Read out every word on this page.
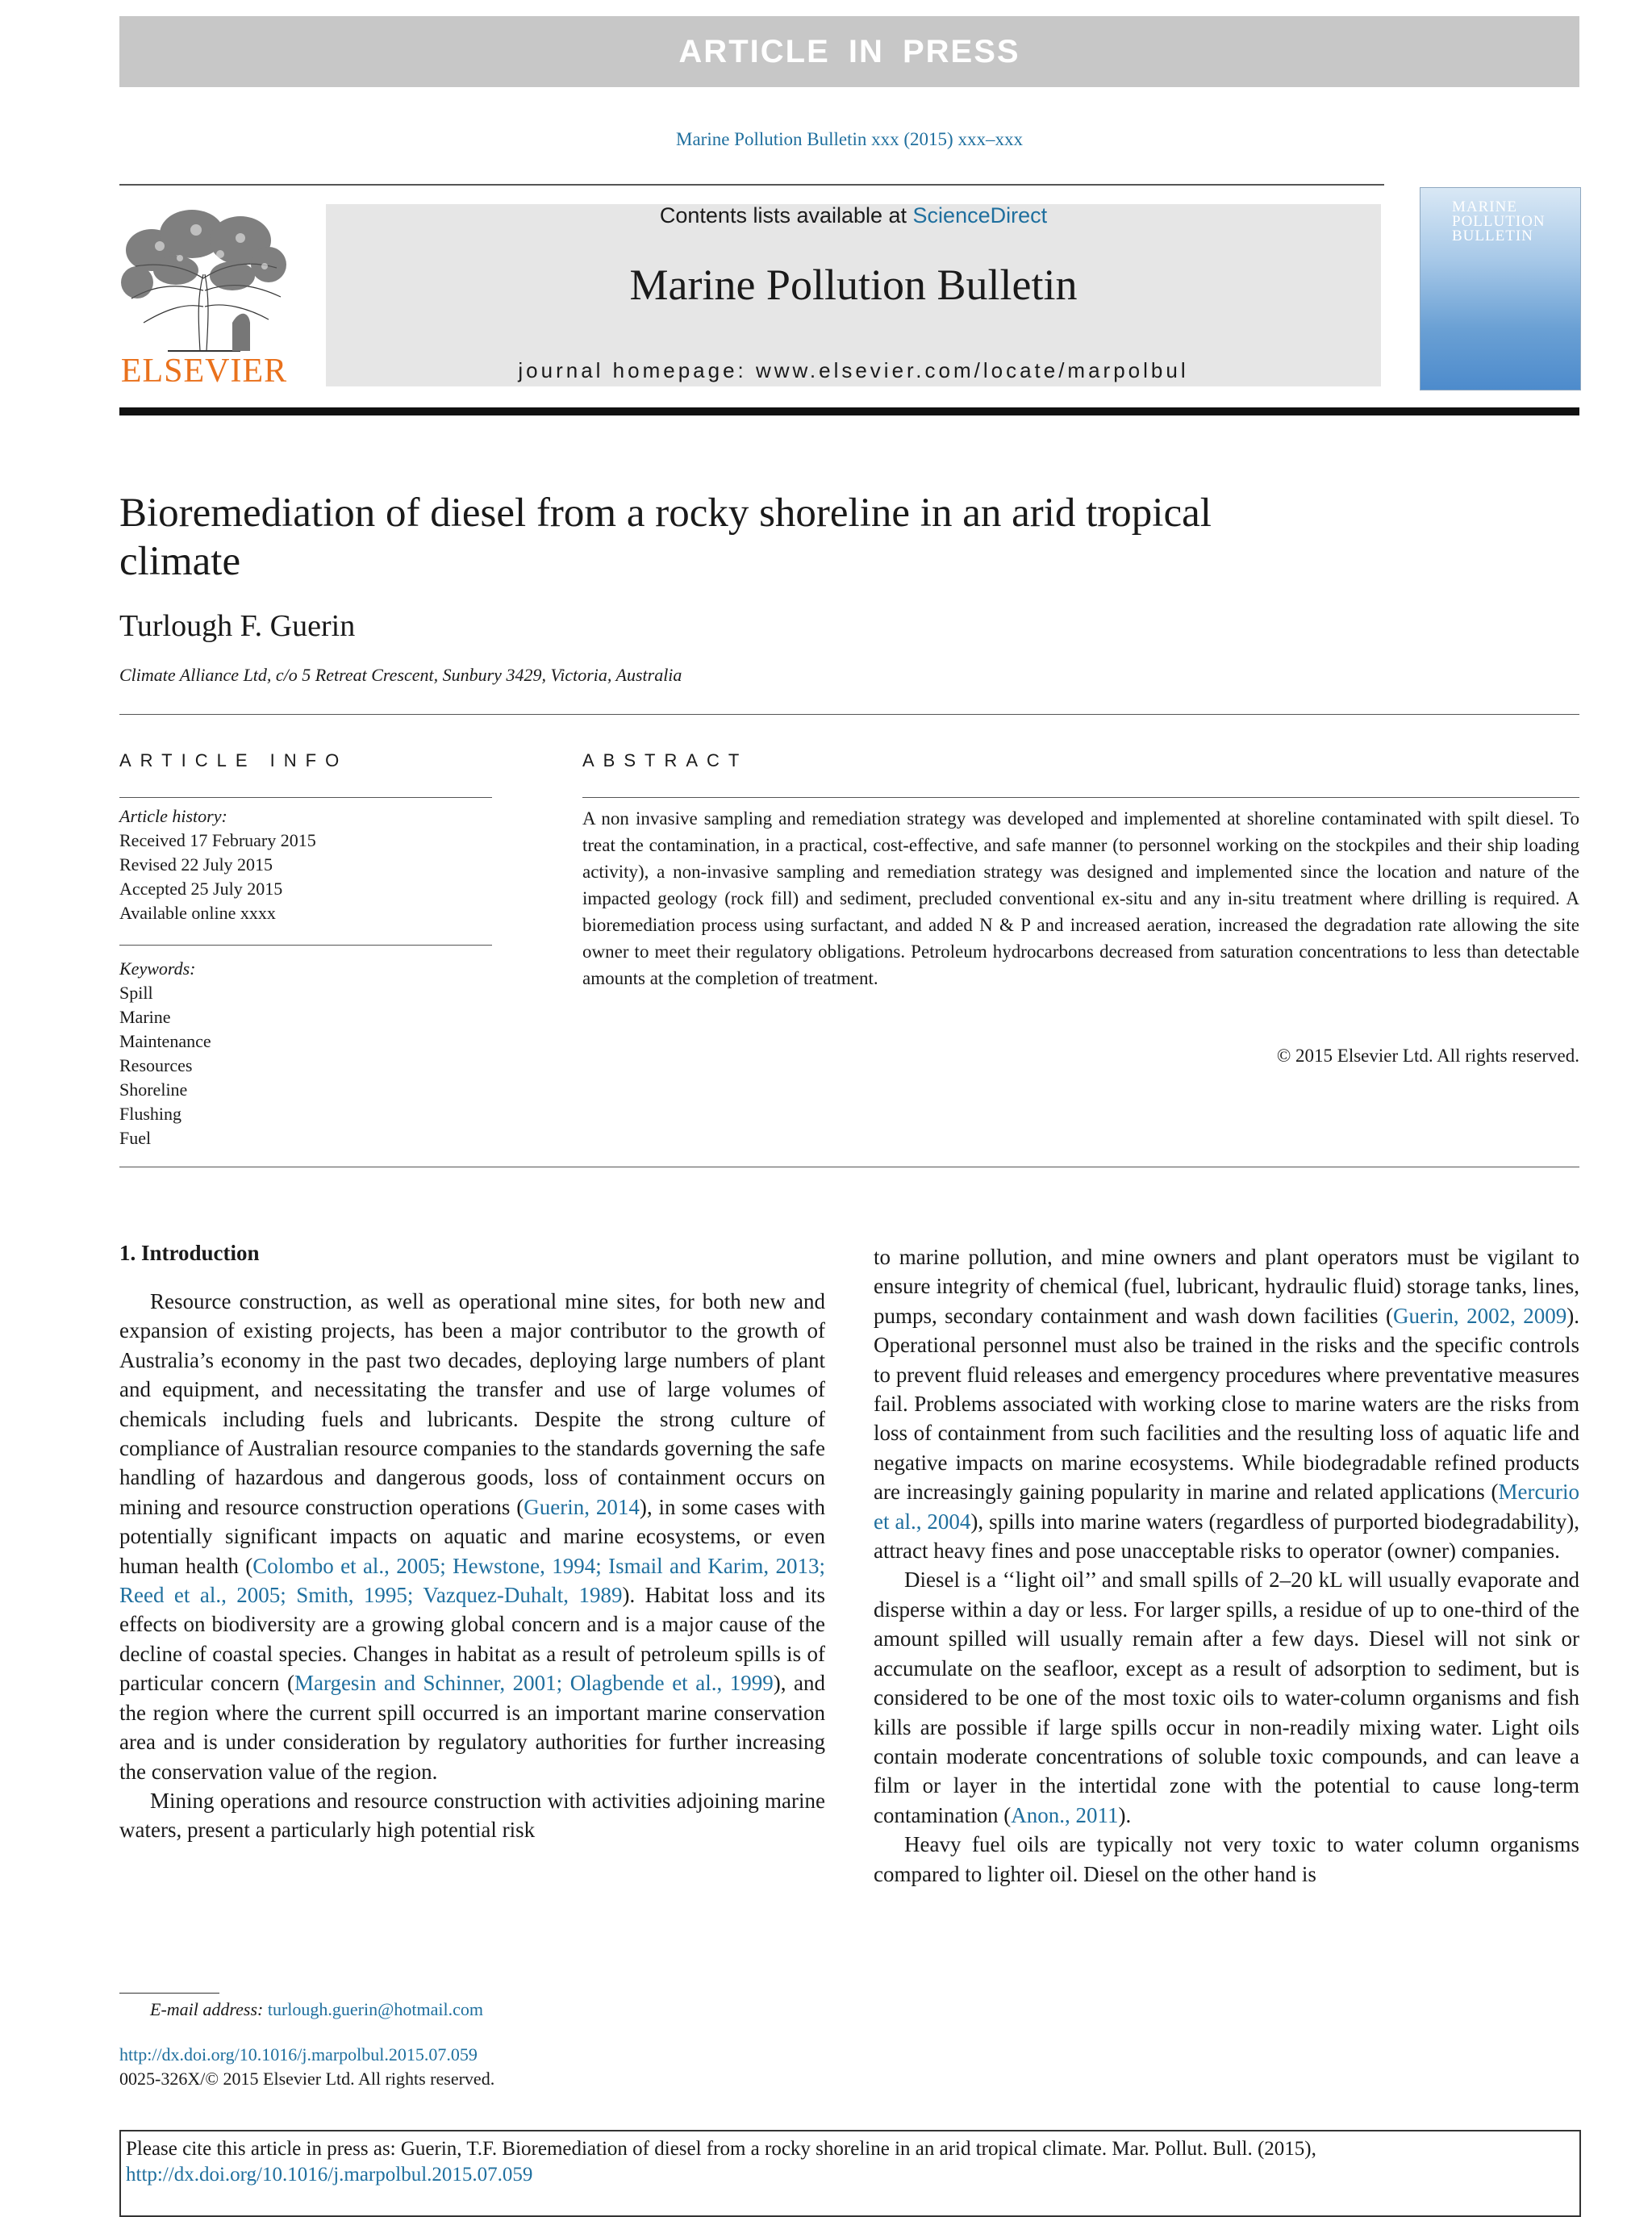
ARTICLE IN PRESS
Marine Pollution Bulletin xxx (2015) xxx–xxx
ELSEVIER
Contents lists available at ScienceDirect
Marine Pollution Bulletin
journal homepage: www.elsevier.com/locate/marpolbul
MARINE POLLUTION BULLETIN
Bioremediation of diesel from a rocky shoreline in an arid tropical climate
Turlough F. Guerin
Climate Alliance Ltd, c/o 5 Retreat Crescent, Sunbury 3429, Victoria, Australia
ARTICLE INFO	ABSTRACT
Article history:
Received 17 February 2015
Revised 22 July 2015
Accepted 25 July 2015
Available online xxxx
Keywords:
Spill
Marine
Maintenance
Resources
Shoreline
Flushing
Fuel
A non invasive sampling and remediation strategy was developed and implemented at shoreline contaminated with spilt diesel. To treat the contamination, in a practical, cost-effective, and safe manner (to personnel working on the stockpiles and their ship loading activity), a non-invasive sampling and remediation strategy was designed and implemented since the location and nature of the impacted geology (rock fill) and sediment, precluded conventional ex-situ and any in-situ treatment where drilling is required. A bioremediation process using surfactant, and added N & P and increased aeration, increased the degradation rate allowing the site owner to meet their regulatory obligations. Petroleum hydrocarbons decreased from saturation concentrations to less than detectable amounts at the completion of treatment.
© 2015 Elsevier Ltd. All rights reserved.
1. Introduction

Resource construction, as well as operational mine sites, for both new and expansion of existing projects, has been a major contributor to the growth of Australia’s economy in the past two decades, deploying large numbers of plant and equipment, and necessitating the transfer and use of large volumes of chemicals including fuels and lubricants. Despite the strong culture of compliance of Australian resource companies to the standards governing the safe handling of hazardous and dangerous goods, loss of containment occurs on mining and resource construction operations (Guerin, 2014), in some cases with potentially significant impacts on aquatic and marine ecosystems, or even human health (Colombo et al., 2005; Hewstone, 1994; Ismail and Karim, 2013; Reed et al., 2005; Smith, 1995; Vazquez-Duhalt, 1989). Habitat loss and its effects on biodiversity are a growing global concern and is a major cause of the decline of coastal species. Changes in habitat as a result of petroleum spills is of particular concern (Margesin and Schinner, 2001; Olagbende et al., 1999), and the region where the current spill occurred is an important marine conservation area and is under consideration by regulatory authorities for further increasing the conservation value of the region.

Mining operations and resource construction with activities adjoining marine waters, present a particularly high potential risk

to marine pollution, and mine owners and plant operators must be vigilant to ensure integrity of chemical (fuel, lubricant, hydraulic fluid) storage tanks, lines, pumps, secondary containment and wash down facilities (Guerin, 2002, 2009). Operational personnel must also be trained in the risks and the specific controls to prevent fluid releases and emergency procedures where preventative measures fail. Problems associated with working close to marine waters are the risks from loss of containment from such facilities and the resulting loss of aquatic life and negative impacts on marine ecosystems. While biodegradable refined products are increasingly gaining popularity in marine and related applications (Mercurio et al., 2004), spills into marine waters (regardless of purported biodegradability), attract heavy fines and pose unacceptable risks to operator (owner) companies.

Diesel is a ‘‘light oil’’ and small spills of 2–20 kL will usually evaporate and disperse within a day or less. For larger spills, a residue of up to one-third of the amount spilled will usually remain after a few days. Diesel will not sink or accumulate on the seafloor, except as a result of adsorption to sediment, but is considered to be one of the most toxic oils to water-column organisms and fish kills are possible if large spills occur in non-readily mixing water. Light oils contain moderate concentrations of soluble toxic compounds, and can leave a film or layer in the intertidal zone with the potential to cause long-term contamination (Anon., 2011).

Heavy fuel oils are typically not very toxic to water column organisms compared to lighter oil. Diesel on the other hand is

E-mail address: turlough.guerin@hotmail.com
http://dx.doi.org/10.1016/j.marpolbul.2015.07.059
0025-326X/© 2015 Elsevier Ltd. All rights reserved.
Please cite this article in press as: Guerin, T.F. Bioremediation of diesel from a rocky shoreline in an arid tropical climate. Mar. Pollut. Bull. (2015), http://dx.doi.org/10.1016/j.marpolbul.2015.07.059
